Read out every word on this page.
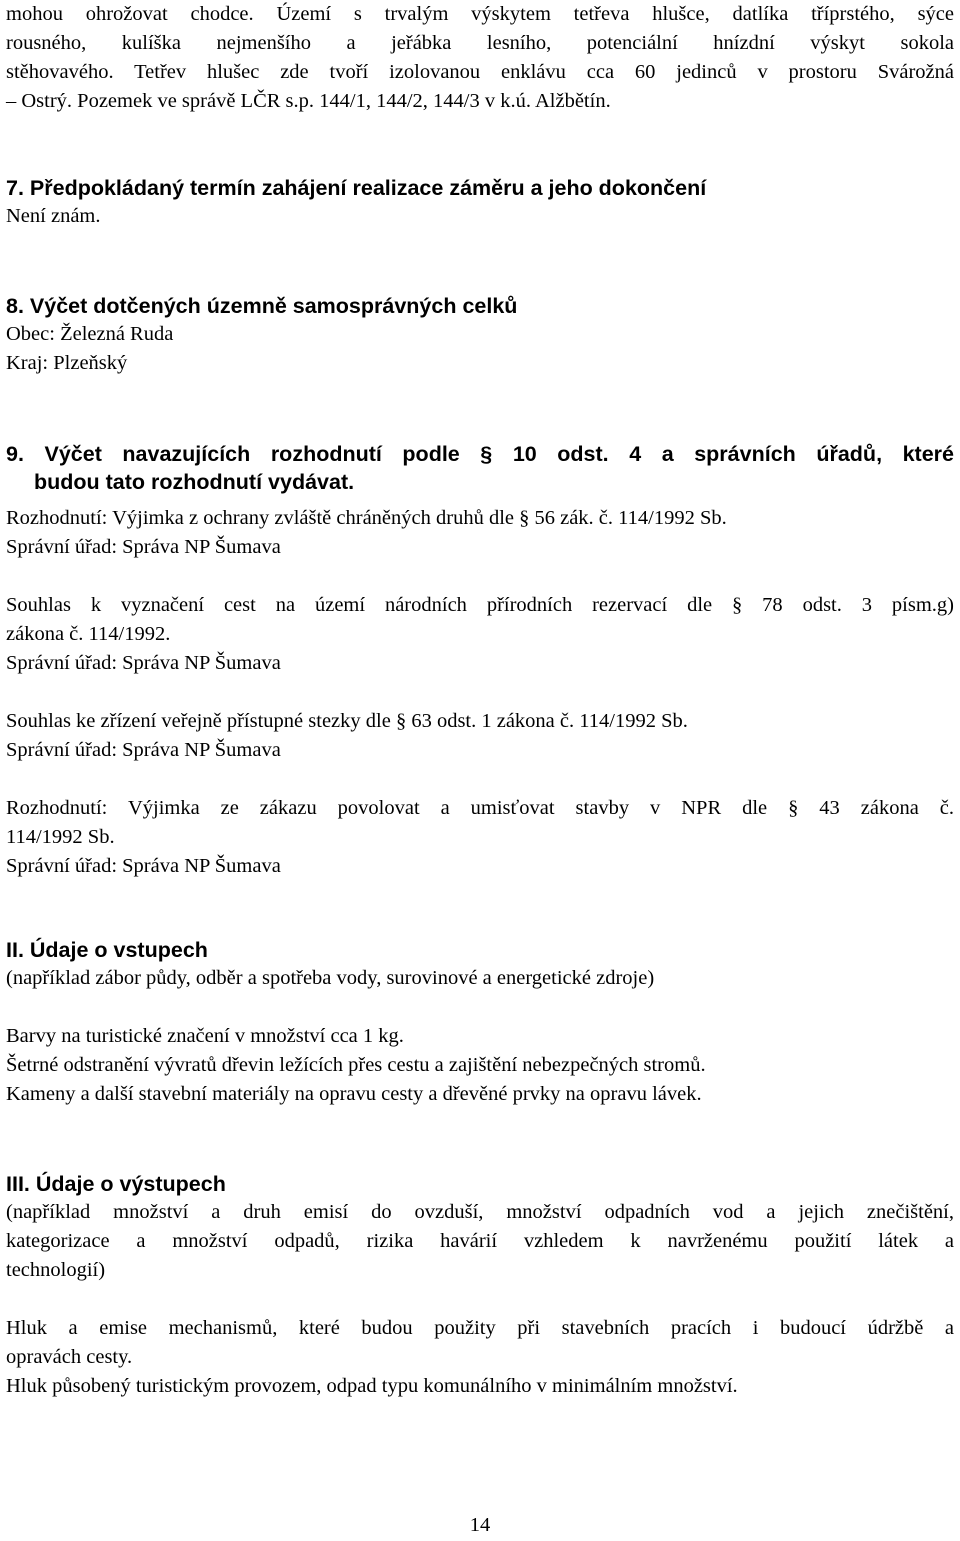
mohou ohrožovat chodce. Území s trvalým výskytem tetřeva hlušce, datlíka tříprstého, sýce

rousného, kulíška nejmenšího a jeřábka lesního, potenciální hnízdní výskyt sokola

stěhovavého. Tetřev hlušec zde tvoří izolovanou enklávu cca 60 jedinců v prostoru Svárožná

– Ostrý. Pozemek ve správě LČR s.p. 144/1, 144/2, 144/3 v k.ú. Alžbětín.

7. Předpokládaný termín zahájení realizace záměru a jeho dokončení

Není znám.

8. Výčet dotčených územně samosprávných celků

Obec: Železná Ruda

Kraj: Plzeňský

9. Výčet navazujících rozhodnutí podle § 10 odst. 4 a správních úřadů, které

budou tato rozhodnutí vydávat.

Rozhodnutí: Výjimka z ochrany zvláště chráněných druhů dle § 56 zák. č. 114/1992 Sb.

Správní úřad: Správa NP Šumava

Souhlas k vyznačení cest na území národních přírodních rezervací dle § 78 odst. 3 písm.g)

zákona č. 114/1992.

Správní úřad: Správa NP Šumava

Souhlas ke zřízení veřejně přístupné stezky dle § 63 odst. 1 zákona č. 114/1992 Sb.

Správní úřad: Správa NP Šumava

Rozhodnutí: Výjimka ze zákazu povolovat a umisťovat stavby v NPR dle § 43 zákona č.

114/1992 Sb.

Správní úřad: Správa NP Šumava

II. Údaje o vstupech

(například zábor půdy, odběr a spotřeba vody, surovinové a energetické zdroje)

Barvy na turistické značení v množství cca 1 kg.

Šetrné odstranění vývratů dřevin ležících přes cestu a zajištění nebezpečných stromů.

Kameny a další stavební materiály na opravu cesty a dřevěné prvky na opravu lávek.

III. Údaje o výstupech

(například množství a druh emisí do ovzduší, množství odpadních vod a jejich znečištění,

kategorizace a množství odpadů, rizika havárií vzhledem k navrženému použití látek a

technologií)

Hluk a emise mechanismů, které budou použity při stavebních pracích i budoucí údržbě a

opravách cesty.

Hluk působený turistickým provozem, odpad typu komunálního v minimálním množství.

14
